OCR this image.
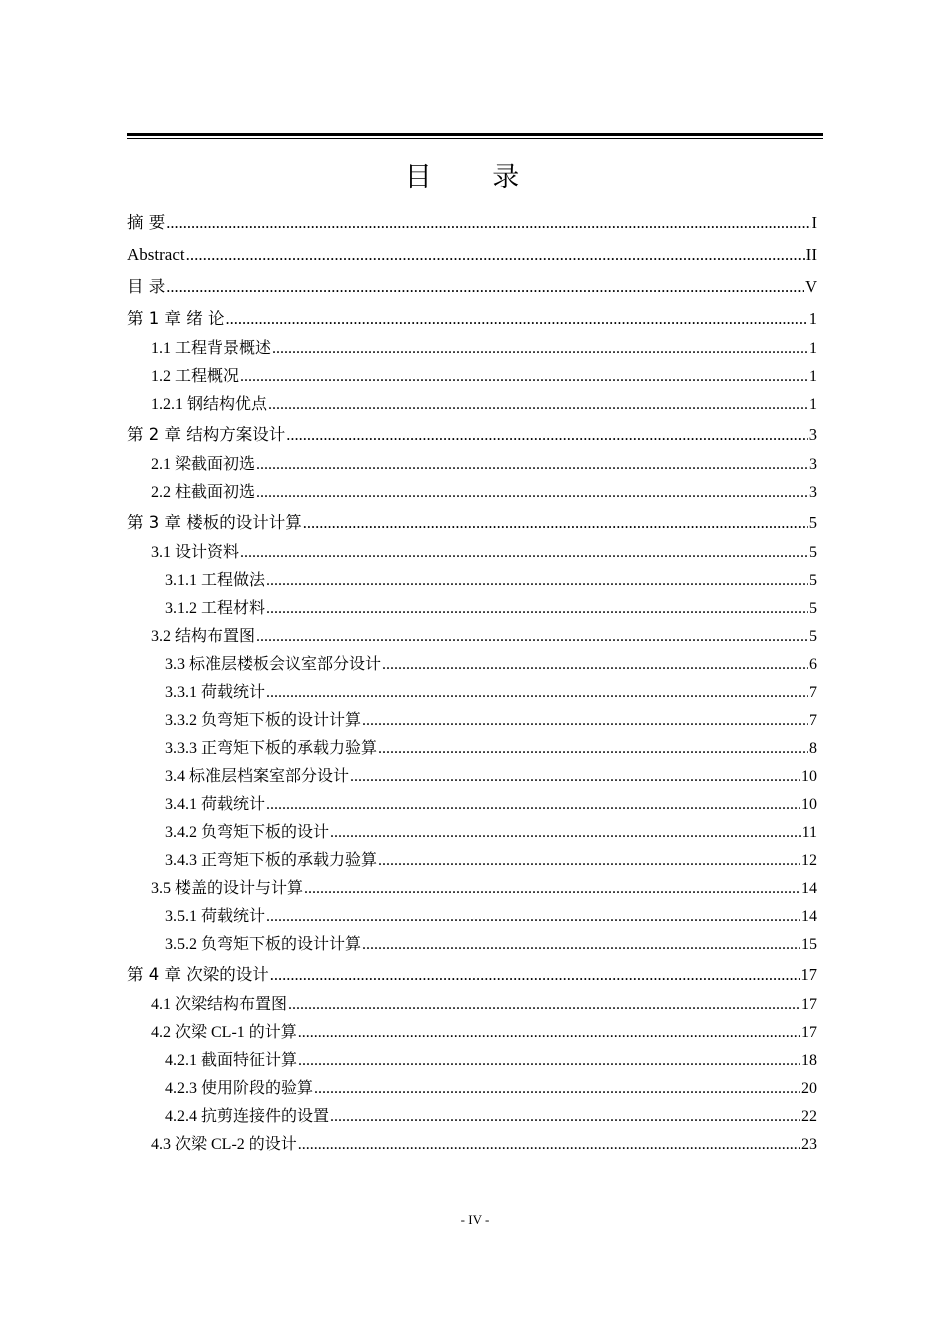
目 录
摘 要 .....	I
Abstract .....	II
目 录 .....	V
第 1 章 绪 论 .....	1
1.1 工程背景概述 .....	1
1.2 工程概况 .....	1
1.2.1 钢结构优点 .....	1
第 2 章 结构方案设计 .....	3
2.1 梁截面初选 .....	3
2.2 柱截面初选 .....	3
第 3 章 楼板的设计计算 .....	5
3.1 设计资料 .....	5
3.1.1 工程做法 .....	5
3.1.2 工程材料 .....	5
3.2 结构布置图 .....	5
3.3 标准层楼板会议室部分设计 .....	6
3.3.1 荷载统计 .....	7
3.3.2 负弯矩下板的设计计算 .....	7
3.3.3 正弯矩下板的承载力验算 .....	8
3.4 标准层档案室部分设计 .....	10
3.4.1 荷载统计 .....	10
3.4.2 负弯矩下板的设计 .....	11
3.4.3 正弯矩下板的承载力验算 .....	12
3.5 楼盖的设计与计算 .....	14
3.5.1 荷载统计 .....	14
3.5.2 负弯矩下板的设计计算 .....	15
第 4 章 次梁的设计 .....	17
4.1 次梁结构布置图 .....	17
4.2 次梁 CL-1 的计算 .....	17
4.2.1 截面特征计算 .....	18
4.2.3 使用阶段的验算 .....	20
4.2.4 抗剪连接件的设置 .....	22
4.3 次梁 CL-2 的设计 .....	23
- IV -
